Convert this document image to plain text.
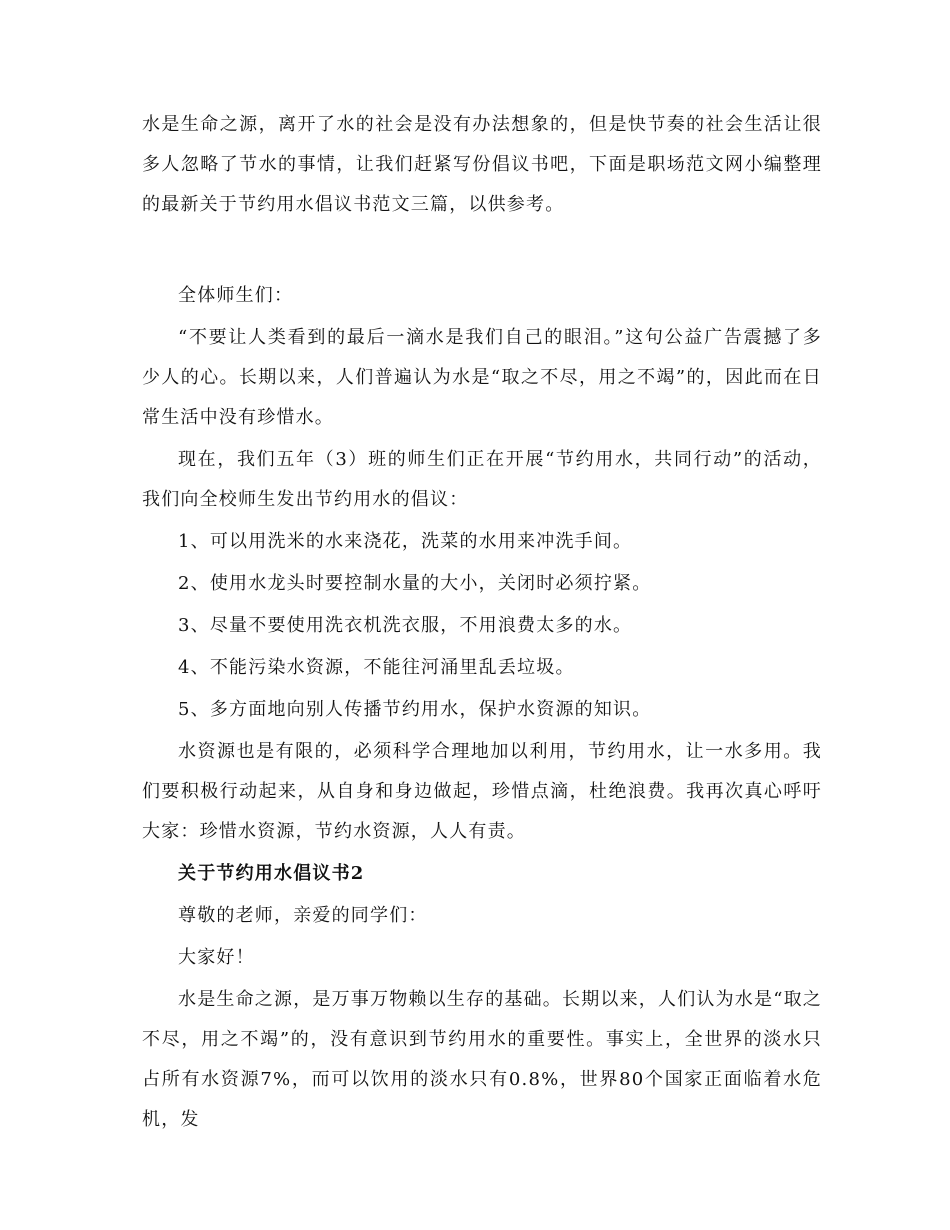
水是生命之源，离开了水的社会是没有办法想象的，但是快节奏的社会生活让很多人忽略了节水的事情，让我们赶紧写份倡议书吧，下面是职场范文网小编整理的最新关于节约用水倡议书范文三篇，以供参考。

全体师生们：

“不要让人类看到的最后一滴水是我们自己的眼泪。”这句公益广告震撼了多少人的心。长期以来，人们普遍认为水是“取之不尽，用之不竭”的，因此而在日常生活中没有珍惜水。

现在，我们五年（3）班的师生们正在开展“节约用水，共同行动”的活动，我们向全校师生发出节约用水的倡议：

1、可以用洗米的水来浇花，洗菜的水用来冲洗手间。

2、使用水龙头时要控制水量的大小，关闭时必须拧紧。

3、尽量不要使用洗衣机洗衣服，不用浪费太多的水。

4、不能污染水资源，不能往河涌里乱丢垃圾。

5、多方面地向别人传播节约用水，保护水资源的知识。

水资源也是有限的，必须科学合理地加以利用，节约用水，让一水多用。我们要积极行动起来，从自身和身边做起，珍惜点滴，杜绝浪费。我再次真心呼吁大家：珍惜水资源，节约水资源，人人有责。

关于节约用水倡议书2

尊敬的老师，亲爱的同学们：

大家好！

水是生命之源，是万事万物赖以生存的基础。长期以来，人们认为水是“取之不尽，用之不竭”的，没有意识到节约用水的重要性。事实上，全世界的淡水只占所有水资源7%，而可以饮用的淡水只有0.8%，世界80个国家正面临着水危机，发
